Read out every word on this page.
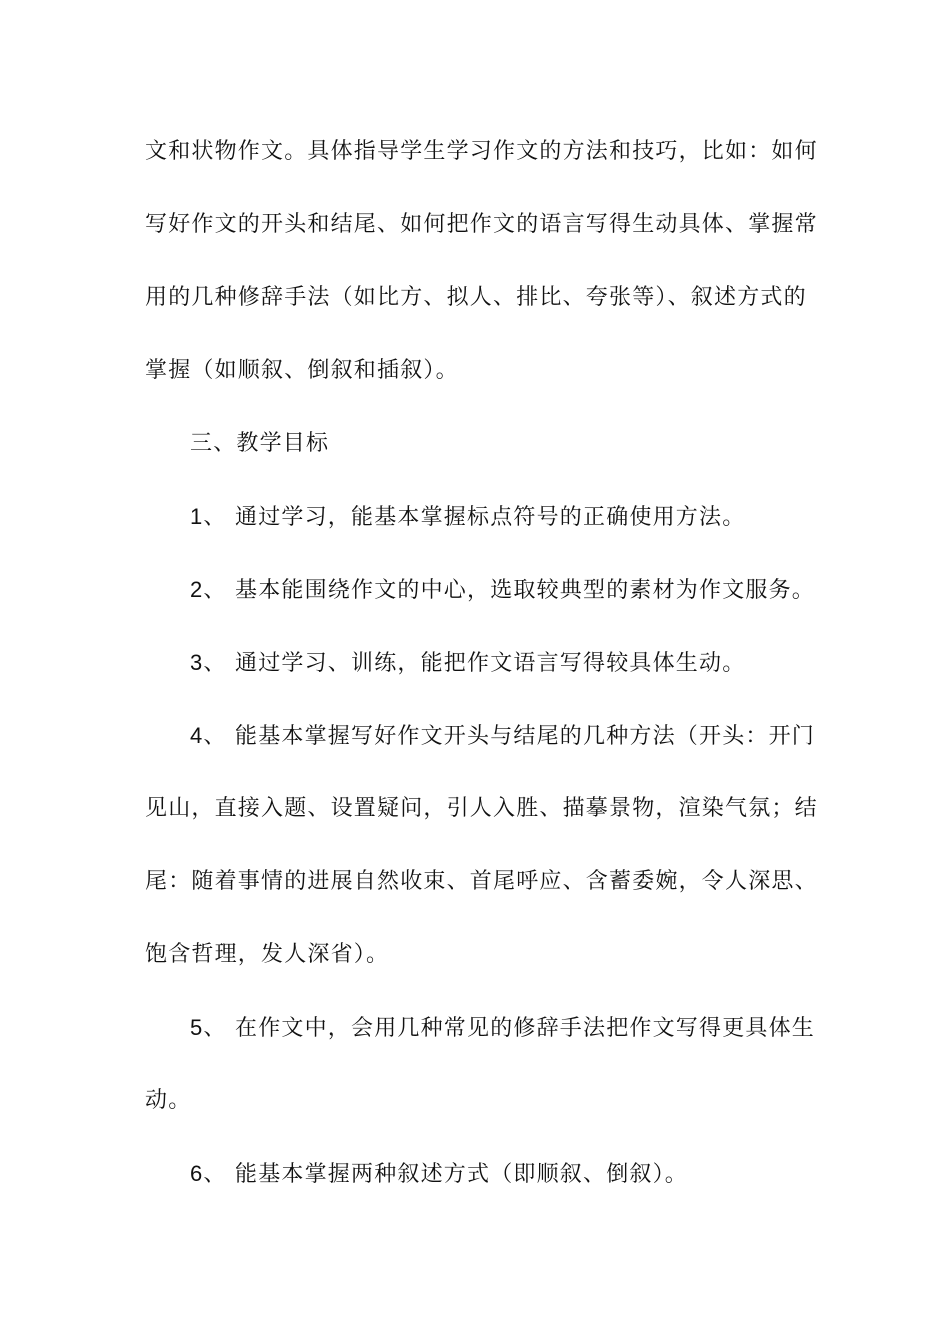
文和状物作文。具体指导学生学习作文的方法和技巧，比如：如何
写好作文的开头和结尾、如何把作文的语言写得生动具体、掌握常
用的几种修辞手法（如比方、拟人、排比、夸张等）、叙述方式的
掌握（如顺叙、倒叙和插叙）。
三、教学目标
1、 通过学习，能基本掌握标点符号的正确使用方法。
2、 基本能围绕作文的中心，选取较典型的素材为作文服务。
3、 通过学习、训练，能把作文语言写得较具体生动。
4、 能基本掌握写好作文开头与结尾的几种方法（开头：开门
见山，直接入题、设置疑问，引人入胜、描摹景物，渲染气氛；结
尾：随着事情的进展自然收束、首尾呼应、含蓄委婉，令人深思、
饱含哲理，发人深省）。
5、 在作文中，会用几种常见的修辞手法把作文写得更具体生
动。
6、 能基本掌握两种叙述方式（即顺叙、倒叙）。
